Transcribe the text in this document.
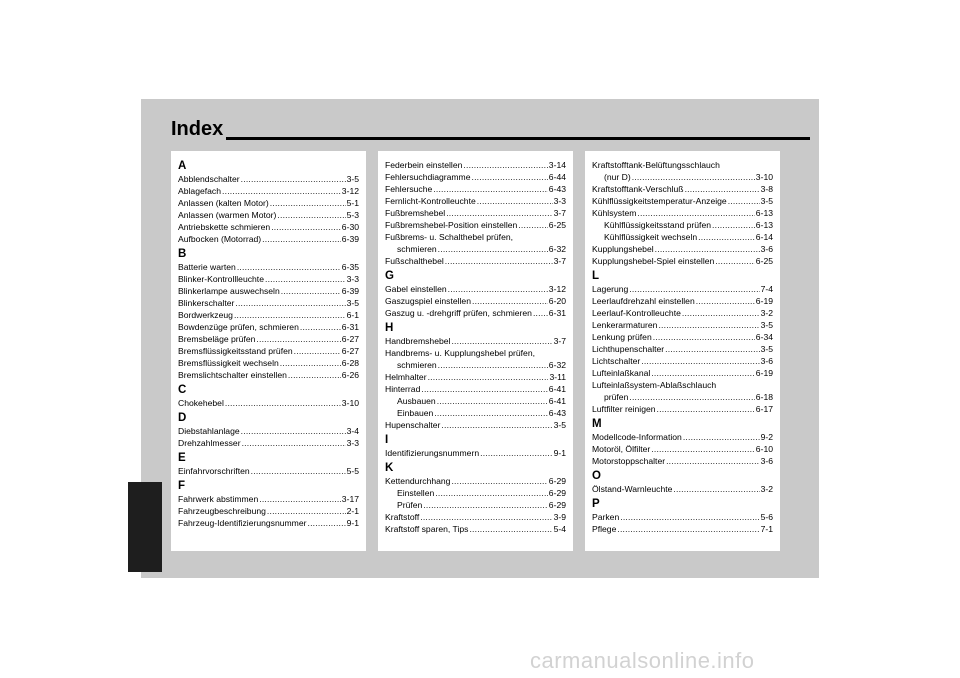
Index
A
Abblendschalter .....	3-5
Ablagefach .....	3-12
Anlassen (kalten Motor) .....	5-1
Anlassen (warmen Motor) .....	5-3
Antriebskette schmieren .....	6-30
Aufbocken (Motorrad) .....	6-39
B
Batterie warten .....	6-35
Blinker-Kontrollleuchte .....	3-3
Blinkerlampe auswechseln .....	6-39
Blinkerschalter .....	3-5
Bordwerkzeug .....	6-1
Bowdenzüge prüfen, schmieren .....	6-31
Bremsbeläge prüfen .....	6-27
Bremsflüssigkeitsstand prüfen .....	6-27
Bremsflüssigkeit wechseln .....	6-28
Bremslichtschalter einstellen .....	6-26
C
Chokehebel .....	3-10
D
Diebstahlanlage .....	3-4
Drehzahlmesser .....	3-3
E
Einfahrvorschriften .....	5-5
F
Fahrwerk abstimmen .....	3-17
Fahrzeugbeschreibung .....	2-1
Fahrzeug-Identifizierungsnummer .....	9-1
Federbein einstellen .....	3-14
Fehlersuchdiagramme .....	6-44
Fehlersuche .....	6-43
Fernlicht-Kontrolleuchte .....	3-3
Fußbremshebel .....	3-7
Fußbremshebel-Position einstellen .....	6-25
Fußbrems- u. Schalthebel prüfen,
schmieren .....	6-32
Fußschalthebel .....	3-7
G
Gabel einstellen .....	3-12
Gaszugspiel einstellen .....	6-20
Gaszug u. -drehgriff prüfen, schmieren ..... 6-31
H
Handbremshebel .....	3-7
Handbrems- u. Kupplungshebel prüfen,
schmieren .....	6-32
Helmhalter .....	3-11
Hinterrad .....	6-41
Ausbauen .....	6-41
Einbauen .....	6-43
Hupenschalter .....	3-5
I
Identifizierungsnummern .....	9-1
K
Kettendurchhang .....	6-29
Einstellen .....	6-29
Prüfen .....	6-29
Kraftstoff .....	3-9
Kraftstoff sparen, Tips .....	5-4
Kraftstofftank-Belüftungsschlauch
(nur D) .....	3-10
Kraftstofftank-Verschluß .....	3-8
Kühlflüssigkeitstemperatur-Anzeige .....	3-5
Kühlsystem .....	6-13
Kühlflüssigkeitsstand prüfen .....	6-13
Kühlflüssigkeit wechseln .....	6-14
Kupplungshebel .....	3-6
Kupplungshebel-Spiel einstellen .....	6-25
L
Lagerung .....	7-4
Leerlaufdrehzahl einstellen .....	6-19
Leerlauf-Kontrolleuchte .....	3-2
Lenkerarmaturen .....	3-5
Lenkung prüfen .....	6-34
Lichthupenschalter .....	3-5
Lichtschalter .....	3-6
Lufteinlaßkanal .....	6-19
Lufteinlaßsystem-Ablaßschlauch
prüfen .....	6-18
Luftfilter reinigen .....	6-17
M
Modellcode-Information .....	9-2
Motoröl, Ölfilter .....	6-10
Motorstoppschalter .....	3-6
O
Ölstand-Warnleuchte .....	3-2
P
Parken .....	5-6
Pflege .....	7-1
carmanualsonline.info
